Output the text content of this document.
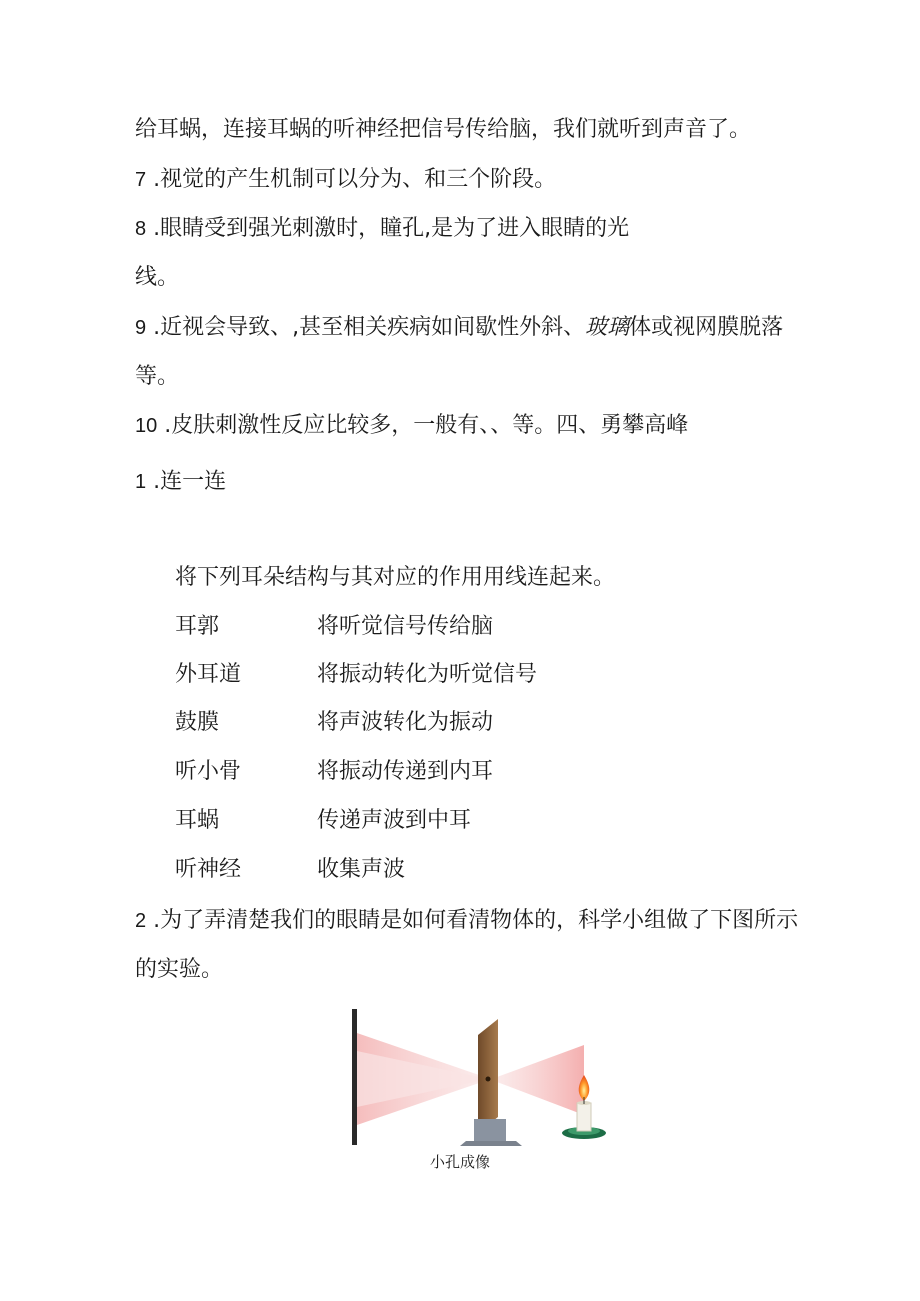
给耳蜗，连接耳蜗的听神经把信号传给脑，我们就听到声音了。
7 .视觉的产生机制可以分为、和三个阶段。
8 .眼睛受到强光刺激时，瞳孔,是为了进入眼睛的光
线。
9 .近视会导致、,甚至相关疾病如间歇性外斜、玻璃体或视网膜脱落
等。
10 .皮肤刺激性反应比较多，一般有、、等。四、勇攀高峰
1 .连一连
将下列耳朵结构与其对应的作用用线连起来。
耳郭	将听觉信号传给脑
外耳道	将振动转化为听觉信号
鼓膜	将声波转化为振动
听小骨	将振动传递到内耳
耳蜗	传递声波到中耳
听神经	收集声波
2 .为了弄清楚我们的眼睛是如何看清物体的，科学小组做了下图所示
的实验。
小孔成像
